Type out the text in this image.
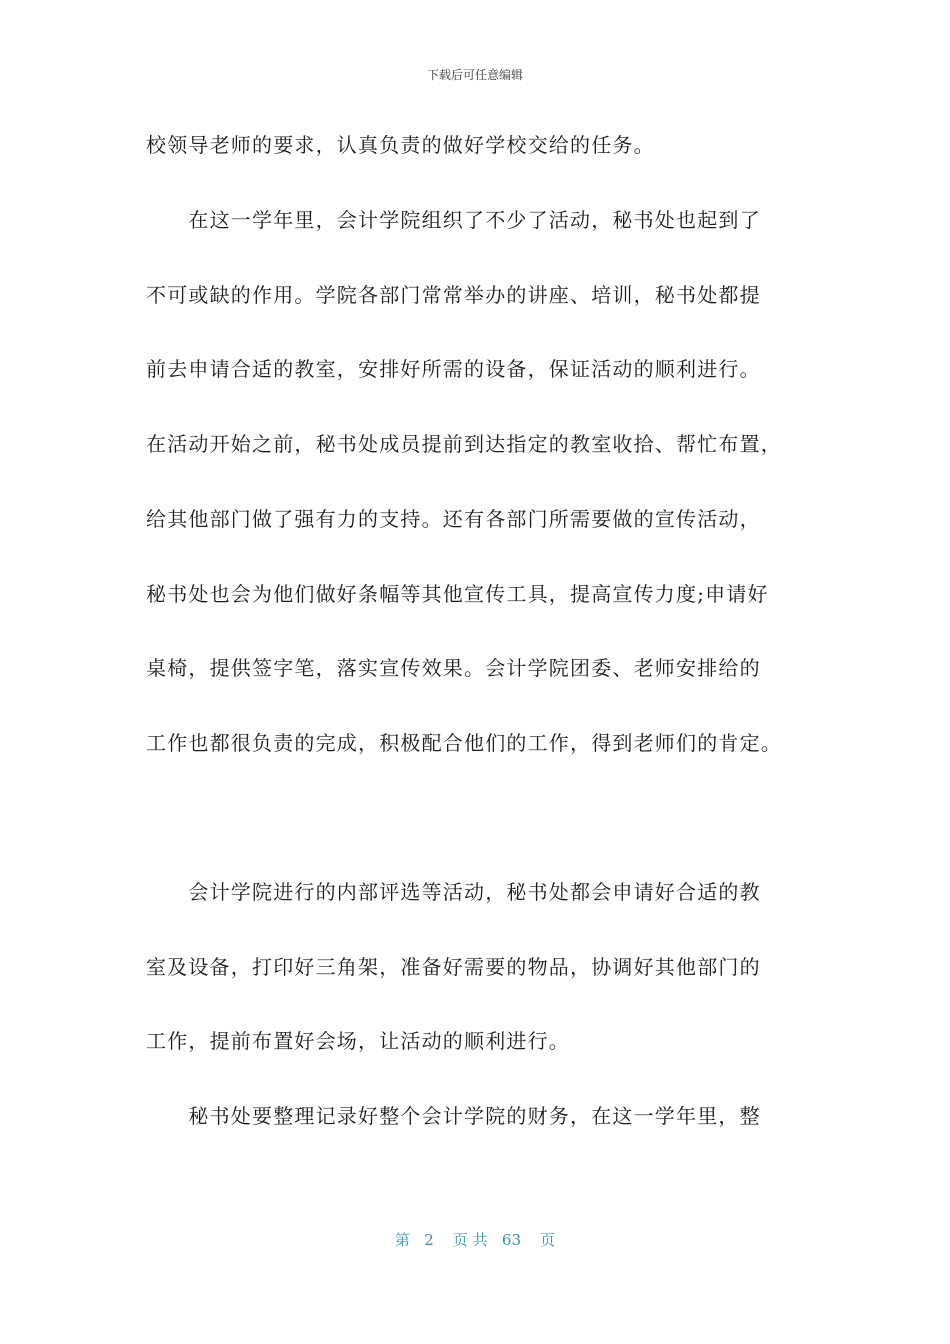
下载后可任意编辑
校领导老师的要求，认真负责的做好学校交给的任务。
　　在这一学年里，会计学院组织了不少了活动，秘书处也起到了
不可或缺的作用。学院各部门常常举办的讲座、培训，秘书处都提
前去申请合适的教室，安排好所需的设备，保证活动的顺利进行。
在活动开始之前，秘书处成员提前到达指定的教室收拾、帮忙布置，
给其他部门做了强有力的支持。还有各部门所需要做的宣传活动，
秘书处也会为他们做好条幅等其他宣传工具，提高宣传力度;申请好
桌椅，提供签字笔，落实宣传效果。会计学院团委、老师安排给的
工作也都很负责的完成，积极配合他们的工作，得到老师们的肯定。
　　会计学院进行的内部评选等活动，秘书处都会申请好合适的教
室及设备，打印好三角架，准备好需要的物品，协调好其他部门的
工作，提前布置好会场，让活动的顺利进行。
　　秘书处要整理记录好整个会计学院的财务，在这一学年里，整
第 2 页 共 63 页
